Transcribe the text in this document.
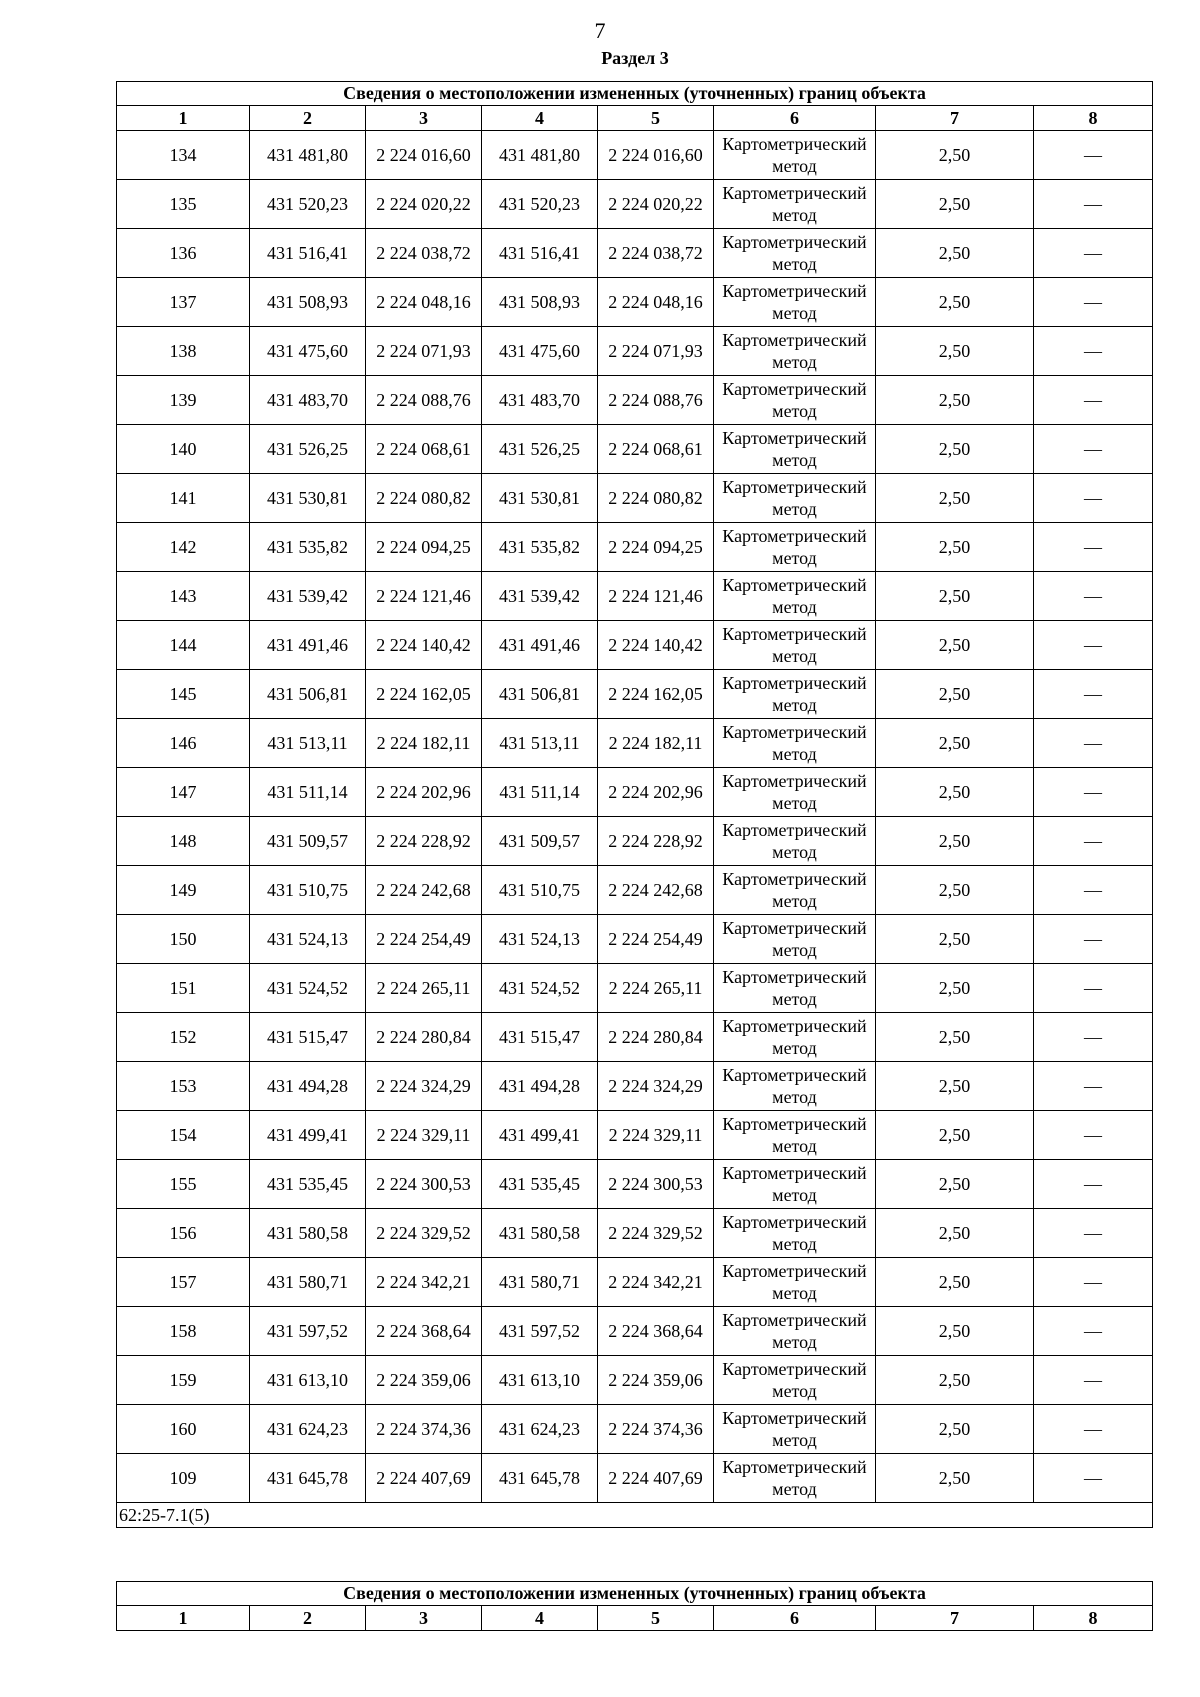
7
Раздел 3
Сведения о местоположении измененных (уточненных) границ объекта							
1	2	3	4	5	6	7	8
134	431 481,80	2 224 016,60	431 481,80	2 224 016,60	Картометрический метод	2,50	—
135	431 520,23	2 224 020,22	431 520,23	2 224 020,22	Картометрический метод	2,50	—
136	431 516,41	2 224 038,72	431 516,41	2 224 038,72	Картометрический метод	2,50	—
137	431 508,93	2 224 048,16	431 508,93	2 224 048,16	Картометрический метод	2,50	—
138	431 475,60	2 224 071,93	431 475,60	2 224 071,93	Картометрический метод	2,50	—
139	431 483,70	2 224 088,76	431 483,70	2 224 088,76	Картометрический метод	2,50	—
140	431 526,25	2 224 068,61	431 526,25	2 224 068,61	Картометрический метод	2,50	—
141	431 530,81	2 224 080,82	431 530,81	2 224 080,82	Картометрический метод	2,50	—
142	431 535,82	2 224 094,25	431 535,82	2 224 094,25	Картометрический метод	2,50	—
143	431 539,42	2 224 121,46	431 539,42	2 224 121,46	Картометрический метод	2,50	—
144	431 491,46	2 224 140,42	431 491,46	2 224 140,42	Картометрический метод	2,50	—
145	431 506,81	2 224 162,05	431 506,81	2 224 162,05	Картометрический метод	2,50	—
146	431 513,11	2 224 182,11	431 513,11	2 224 182,11	Картометрический метод	2,50	—
147	431 511,14	2 224 202,96	431 511,14	2 224 202,96	Картометрический метод	2,50	—
148	431 509,57	2 224 228,92	431 509,57	2 224 228,92	Картометрический метод	2,50	—
149	431 510,75	2 224 242,68	431 510,75	2 224 242,68	Картометрический метод	2,50	—
150	431 524,13	2 224 254,49	431 524,13	2 224 254,49	Картометрический метод	2,50	—
151	431 524,52	2 224 265,11	431 524,52	2 224 265,11	Картометрический метод	2,50	—
152	431 515,47	2 224 280,84	431 515,47	2 224 280,84	Картометрический метод	2,50	—
153	431 494,28	2 224 324,29	431 494,28	2 224 324,29	Картометрический метод	2,50	—
154	431 499,41	2 224 329,11	431 499,41	2 224 329,11	Картометрический метод	2,50	—
155	431 535,45	2 224 300,53	431 535,45	2 224 300,53	Картометрический метод	2,50	—
156	431 580,58	2 224 329,52	431 580,58	2 224 329,52	Картометрический метод	2,50	—
157	431 580,71	2 224 342,21	431 580,71	2 224 342,21	Картометрический метод	2,50	—
158	431 597,52	2 224 368,64	431 597,52	2 224 368,64	Картометрический метод	2,50	—
159	431 613,10	2 224 359,06	431 613,10	2 224 359,06	Картометрический метод	2,50	—
160	431 624,23	2 224 374,36	431 624,23	2 224 374,36	Картометрический метод	2,50	—
109	431 645,78	2 224 407,69	431 645,78	2 224 407,69	Картометрический метод	2,50	—
62:25-7.1(5)							
Сведения о местоположении измененных (уточненных) границ объекта
1	2	3	4	5	6	7	8
